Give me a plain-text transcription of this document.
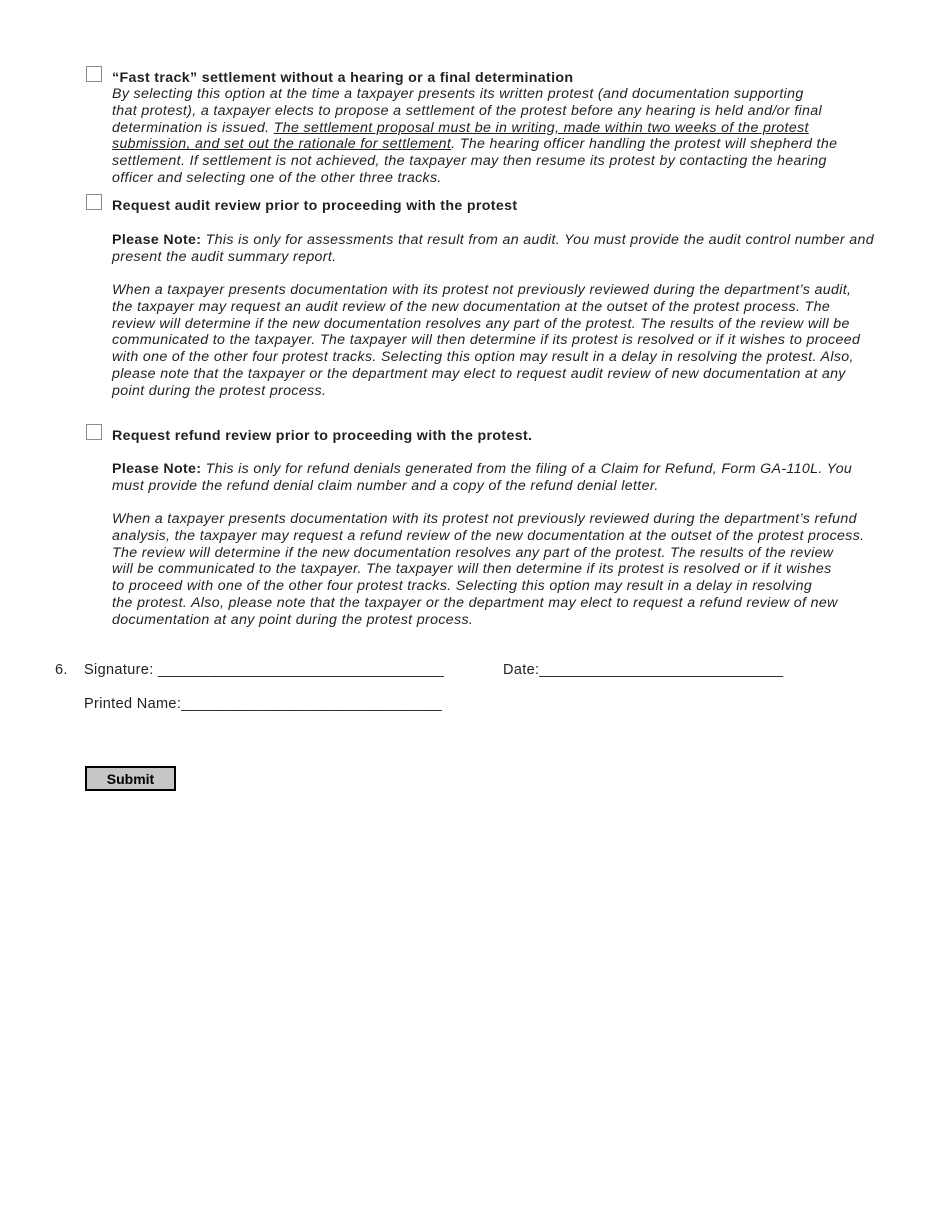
“Fast track” settlement without a hearing or a final determination
By selecting this option at the time a taxpayer presents its written protest (and documentation supporting
that protest), a taxpayer elects to propose a settlement of the protest before any hearing is held and/or final
determination is issued. The settlement proposal must be in writing, made within two weeks of the protest
submission, and set out the rationale for settlement. The hearing officer handling the protest will shepherd the
settlement. If settlement is not achieved, the taxpayer may then resume its protest by contacting the hearing
officer and selecting one of the other three tracks.
Request audit review prior to proceeding with the protest
Please Note: This is only for assessments that result from an audit. You must provide the audit control number and
present the audit summary report.
When a taxpayer presents documentation with its protest not previously reviewed during the department’s audit,
the taxpayer may request an audit review of the new documentation at the outset of the protest process. The
review will determine if the new documentation resolves any part of the protest. The results of the review will be
communicated to the taxpayer. The taxpayer will then determine if its protest is resolved or if it wishes to proceed
with one of the other four protest tracks. Selecting this option may result in a delay in resolving the protest. Also,
please note that the taxpayer or the department may elect to request audit review of new documentation at any
point during the protest process.
Request refund review prior to proceeding with the protest.
Please Note: This is only for refund denials generated from the filing of a Claim for Refund, Form GA-110L. You
must provide the refund denial claim number and a copy of the refund denial letter.
When a taxpayer presents documentation with its protest not previously reviewed during the department’s refund
analysis, the taxpayer may request a refund review of the new documentation at the outset of the protest process.
The review will determine if the new documentation resolves any part of the protest. The results of the review
will be communicated to the taxpayer. The taxpayer will then determine if its protest is resolved or if it wishes
to proceed with one of the other four protest tracks. Selecting this option may result in a delay in resolving
the protest. Also, please note that the taxpayer or the department may elect to request a refund review of new
documentation at any point during the protest process.
6. Signature: __________________________________	Date:_____________________________
Printed Name:_______________________________
Submit
